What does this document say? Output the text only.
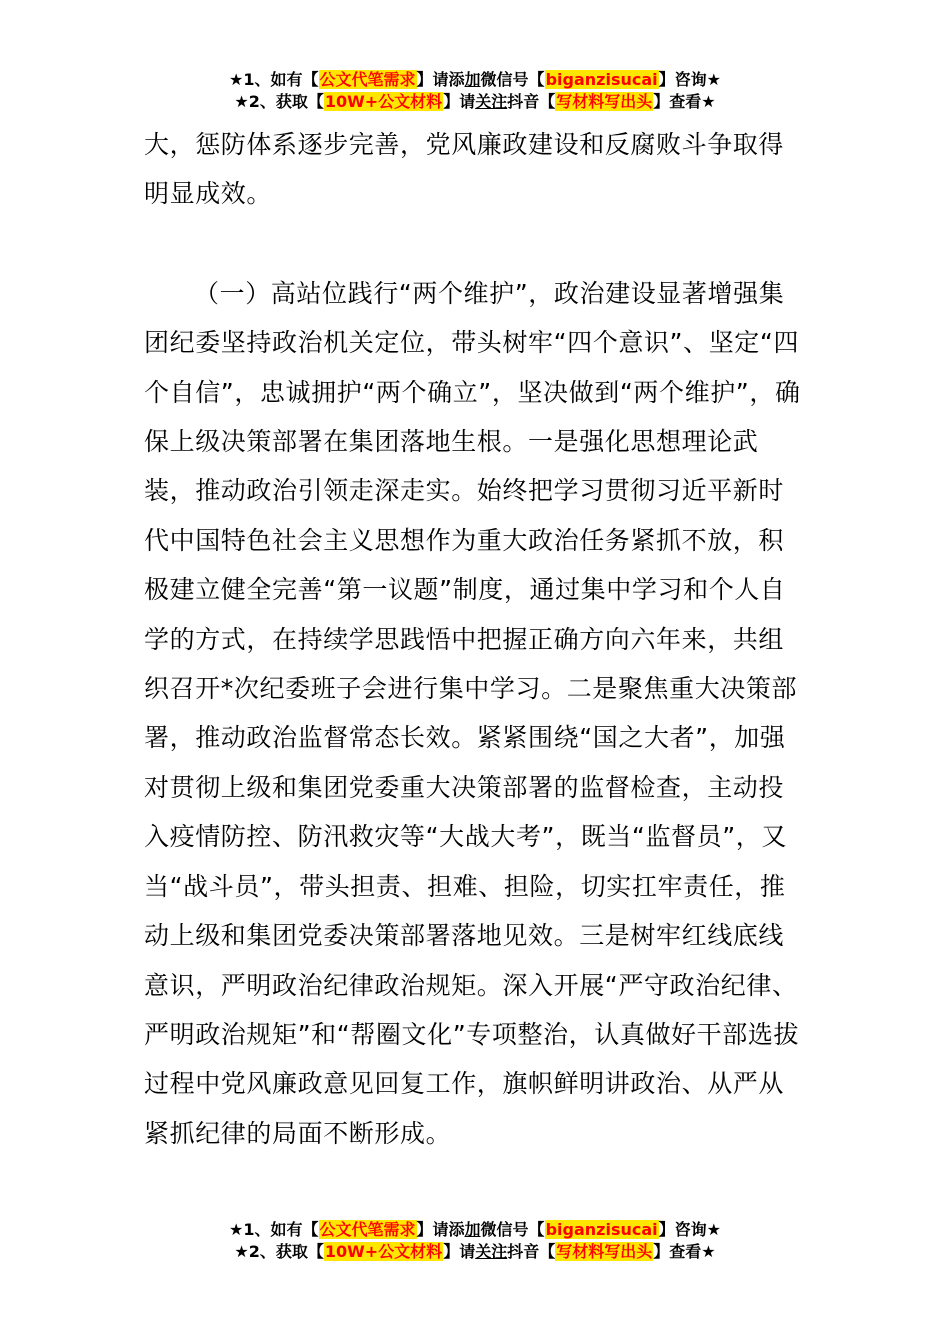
★1、如有【公文代笔需求】请添加微信号【biganzisucai】咨询★
★2、获取【10W+公文材料】请关注抖音【写材料写出头】查看★

大，惩防体系逐步完善，党风廉政建设和反腐败斗争取得明显成效。

（一）高站位践行“两个维护”，政治建设显著增强集团纪委坚持政治机关定位，带头树牢“四个意识”、坚定“四个自信”，忠诚拥护“两个确立”，坚决做到“两个维护”，确保上级决策部署在集团落地生根。一是强化思想理论武装，推动政治引领走深走实。始终把学习贯彻习近平新时代中国特色社会主义思想作为重大政治任务紧抓不放，积极建立健全完善“第一议题”制度，通过集中学习和个人自学的方式，在持续学思践悟中把握正确方向六年来，共组织召开*次纪委班子会进行集中学习。二是聚焦重大决策部署，推动政治监督常态长效。紧紧围绕“国之大者”，加强对贯彻上级和集团党委重大决策部署的监督检查，主动投入疫情防控、防汛救灾等“大战大考”，既当“监督员”，又当“战斗员”，带头担责、担难、担险，切实扛牢责任，推动上级和集团党委决策部署落地见效。三是树牢红线底线意识，严明政治纪律政治规矩。深入开展“严守政治纪律、严明政治规矩”和“帮圈文化”专项整治，认真做好干部选拔过程中党风廉政意见回复工作，旗帜鲜明讲政治、从严从紧抓纪律的局面不断形成。

★1、如有【公文代笔需求】请添加微信号【biganzisucai】咨询★
★2、获取【10W+公文材料】请关注抖音【写材料写出头】查看★
